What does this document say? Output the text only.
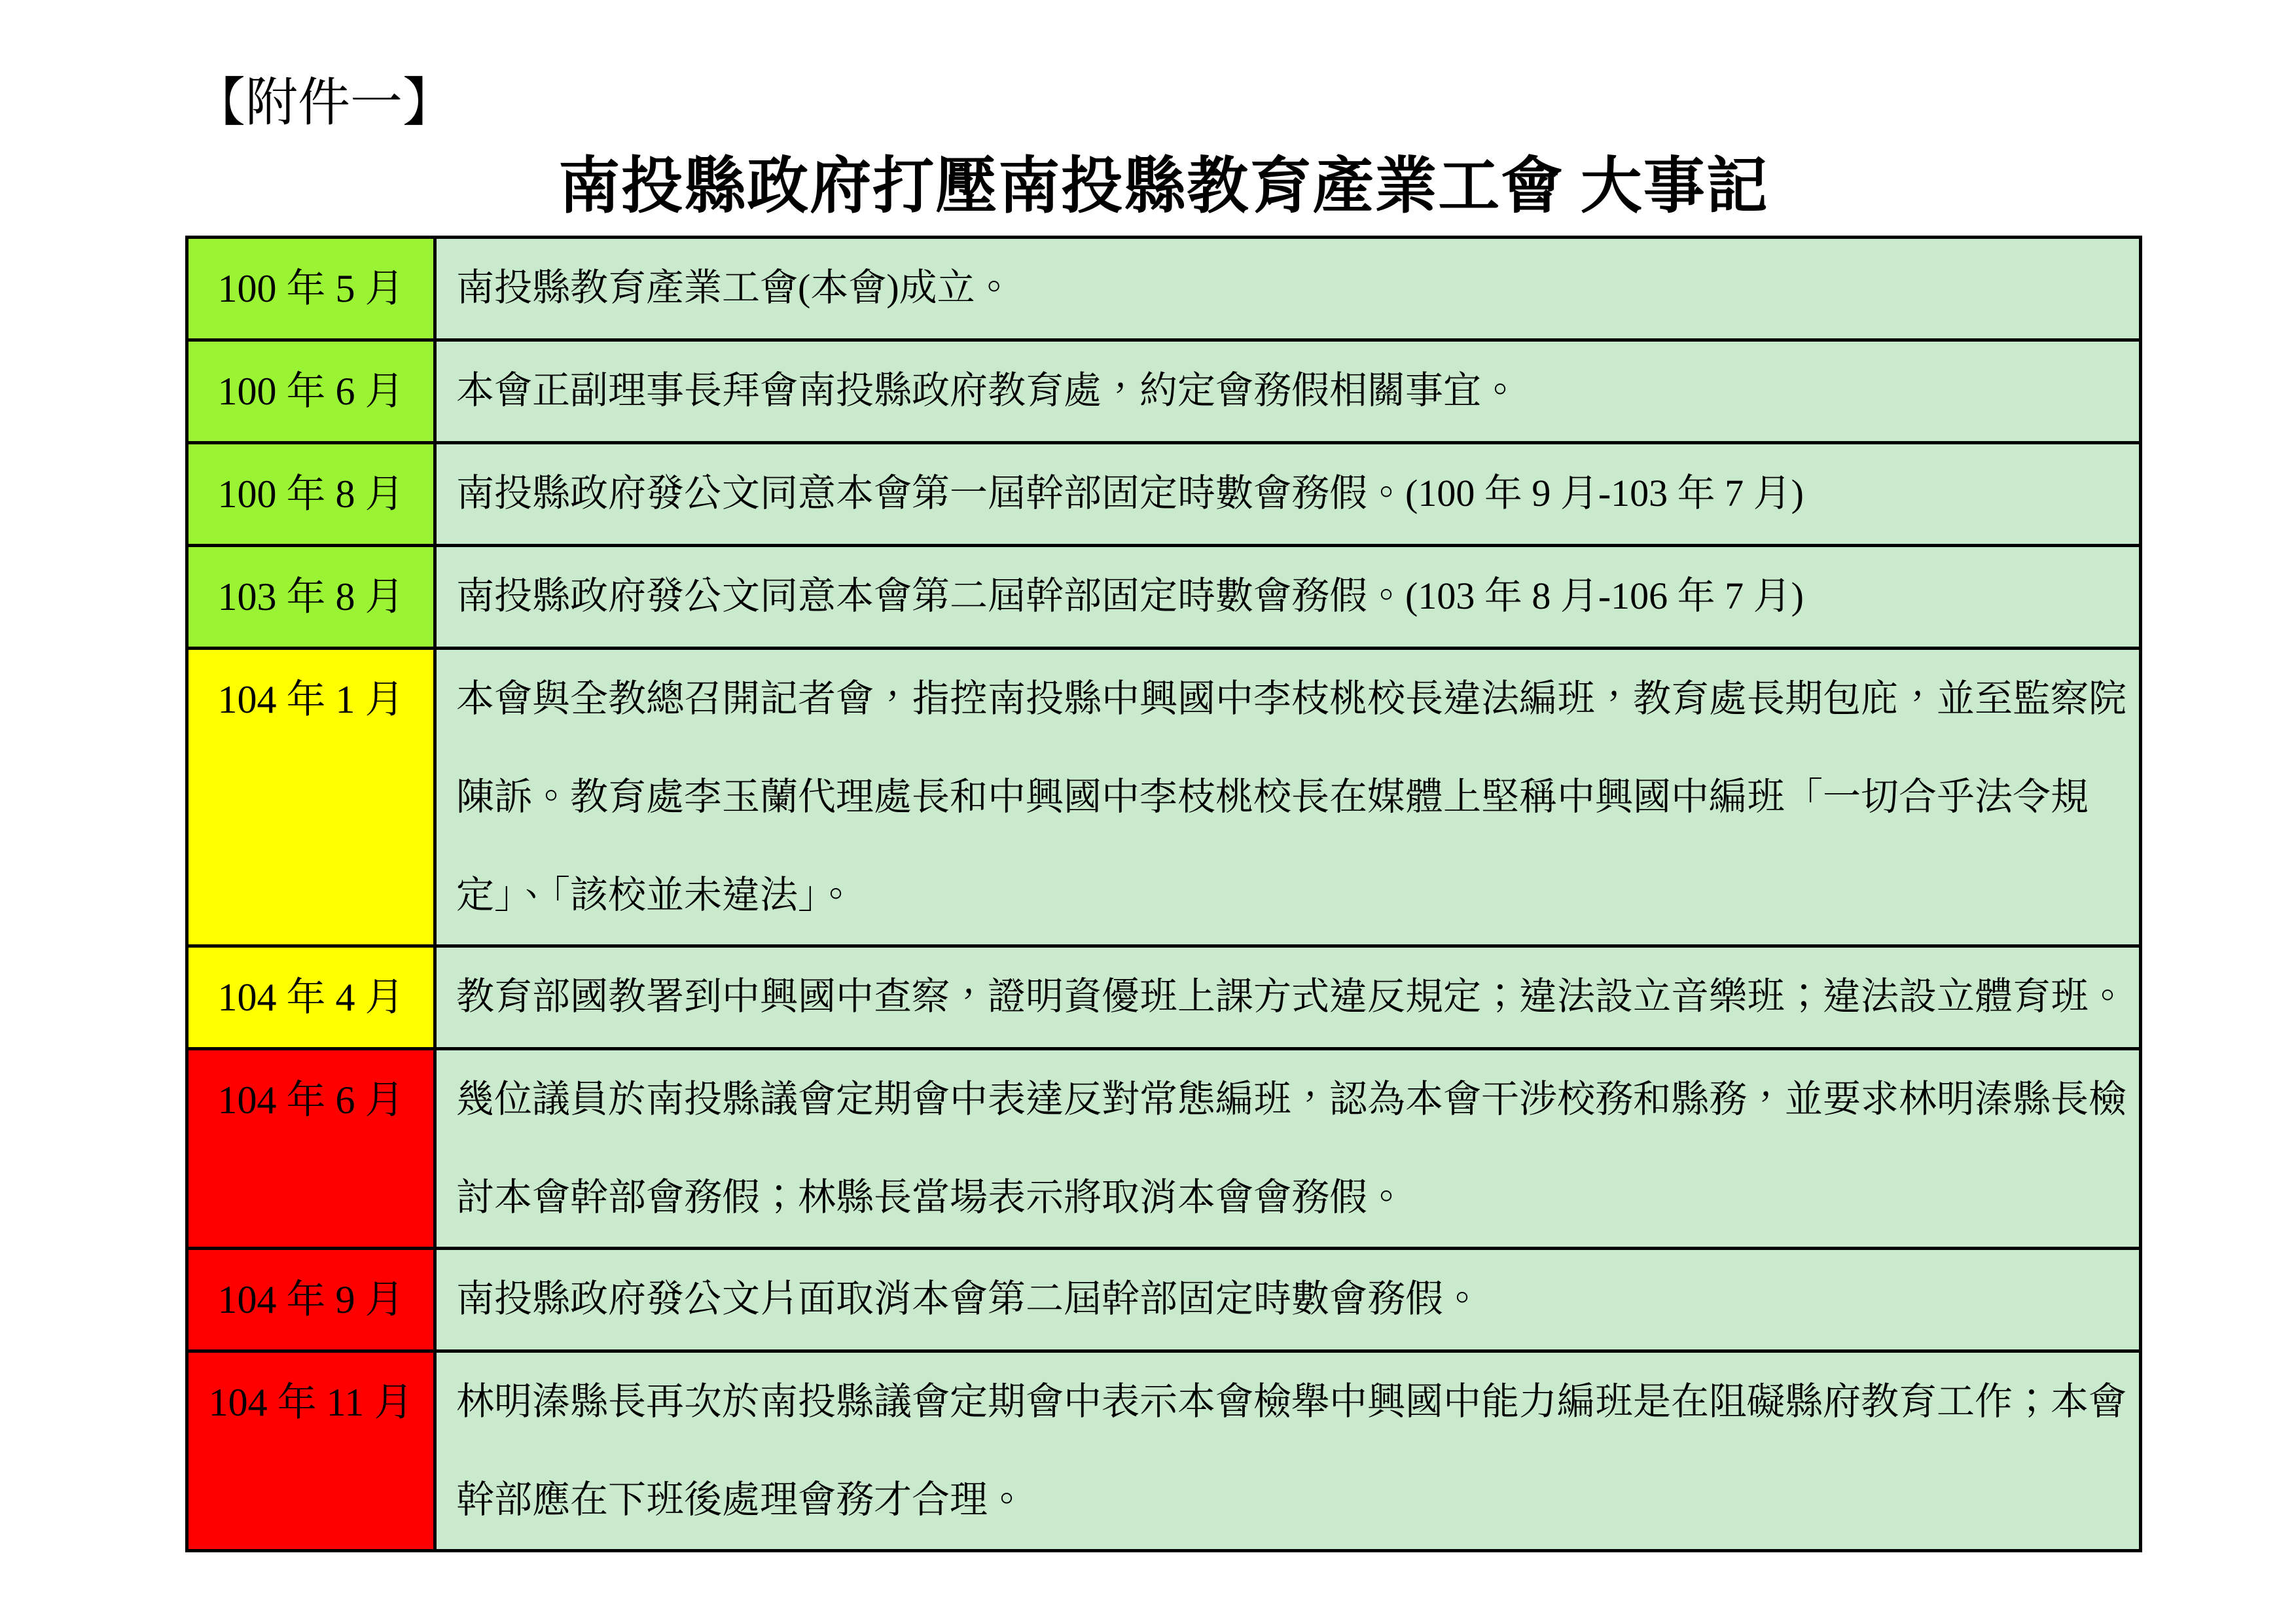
【附件一】
南投縣政府打壓南投縣教育產業工會 大事記
100 年 5 月	南投縣教育產業工會(本會)成立。
100 年 6 月	本會正副理事長拜會南投縣政府教育處，約定會務假相關事宜。
100 年 8 月	南投縣政府發公文同意本會第一屆幹部固定時數會務假。(100 年 9 月-103 年 7 月)
103 年 8 月	南投縣政府發公文同意本會第二屆幹部固定時數會務假。(103 年 8 月-106 年 7 月)
104 年 1 月	本會與全教總召開記者會，指控南投縣中興國中李枝桃校長違法編班，教育處長期包庇，並至監察院陳訴。教育處李玉蘭代理處長和中興國中李枝桃校長在媒體上堅稱中興國中編班「一切合乎法令規定」、「該校並未違法」。
104 年 4 月	教育部國教署到中興國中查察，證明資優班上課方式違反規定；違法設立音樂班；違法設立體育班。
104 年 6 月	幾位議員於南投縣議會定期會中表達反對常態編班，認為本會干涉校務和縣務，並要求林明溱縣長檢討本會幹部會務假；林縣長當場表示將取消本會會務假。
104 年 9 月	南投縣政府發公文片面取消本會第二屆幹部固定時數會務假。
104 年 11 月	林明溱縣長再次於南投縣議會定期會中表示本會檢舉中興國中能力編班是在阻礙縣府教育工作；本會幹部應在下班後處理會務才合理。
